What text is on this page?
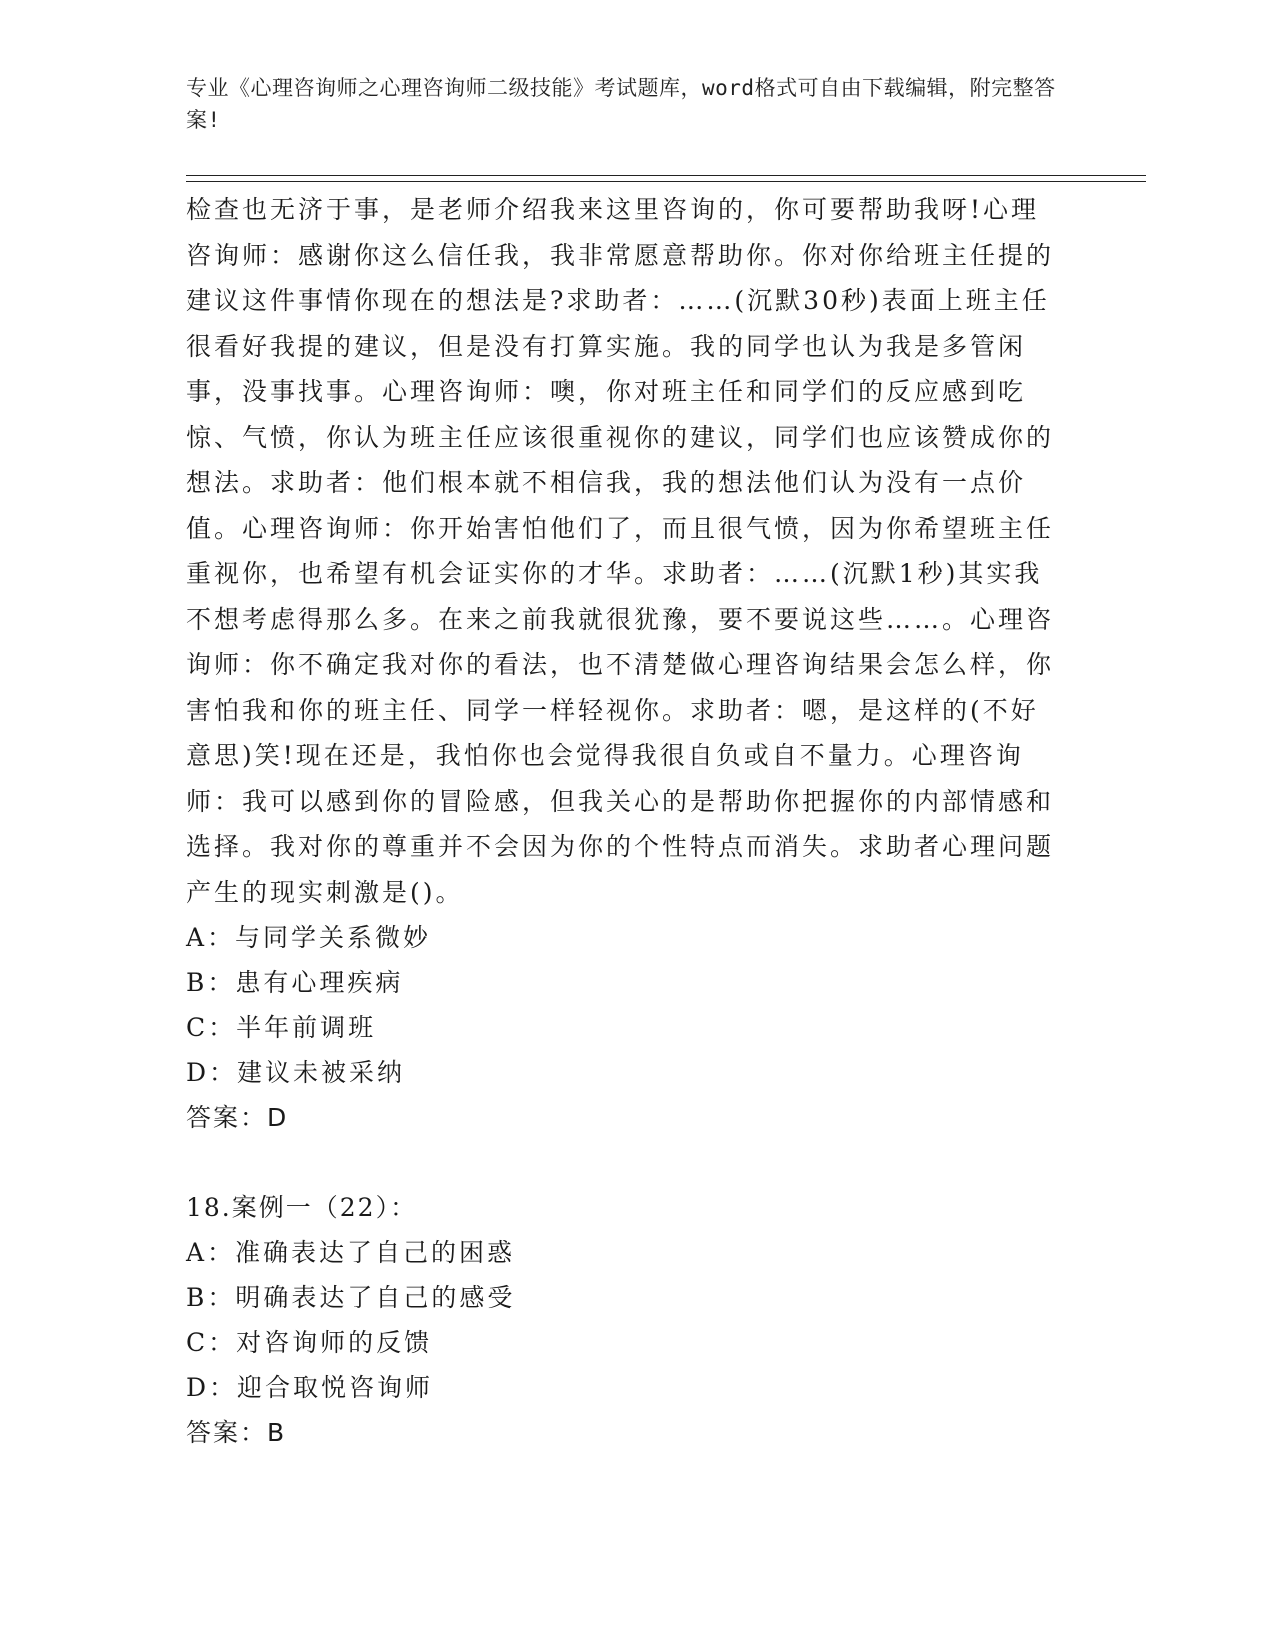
专业《心理咨询师之心理咨询师二级技能》考试题库，word格式可自由下载编辑，附完整答案!

检查也无济于事，是老师介绍我来这里咨询的，你可要帮助我呀!心理咨询师：感谢你这么信任我，我非常愿意帮助你。你对你给班主任提的建议这件事情你现在的想法是?求助者：……(沉默30秒)表面上班主任很看好我提的建议，但是没有打算实施。我的同学也认为我是多管闲事，没事找事。心理咨询师：噢，你对班主任和同学们的反应感到吃惊、气愤，你认为班主任应该很重视你的建议，同学们也应该赞成你的想法。求助者：他们根本就不相信我，我的想法他们认为没有一点价值。心理咨询师：你开始害怕他们了，而且很气愤，因为你希望班主任重视你，也希望有机会证实你的才华。求助者：……(沉默1秒)其实我不想考虑得那么多。在来之前我就很犹豫，要不要说这些……。心理咨询师：你不确定我对你的看法，也不清楚做心理咨询结果会怎么样，你害怕我和你的班主任、同学一样轻视你。求助者：嗯，是这样的(不好意思)笑!现在还是，我怕你也会觉得我很自负或自不量力。心理咨询师：我可以感到你的冒险感，但我关心的是帮助你把握你的内部情感和选择。我对你的尊重并不会因为你的个性特点而消失。求助者心理问题产生的现实刺激是()。

A：与同学关系微妙

B：患有心理疾病

C：半年前调班

D：建议未被采纳

答案：D

18.案例一（22）：

A：准确表达了自己的困惑

B：明确表达了自己的感受

C：对咨询师的反馈

D：迎合取悦咨询师

答案：B
